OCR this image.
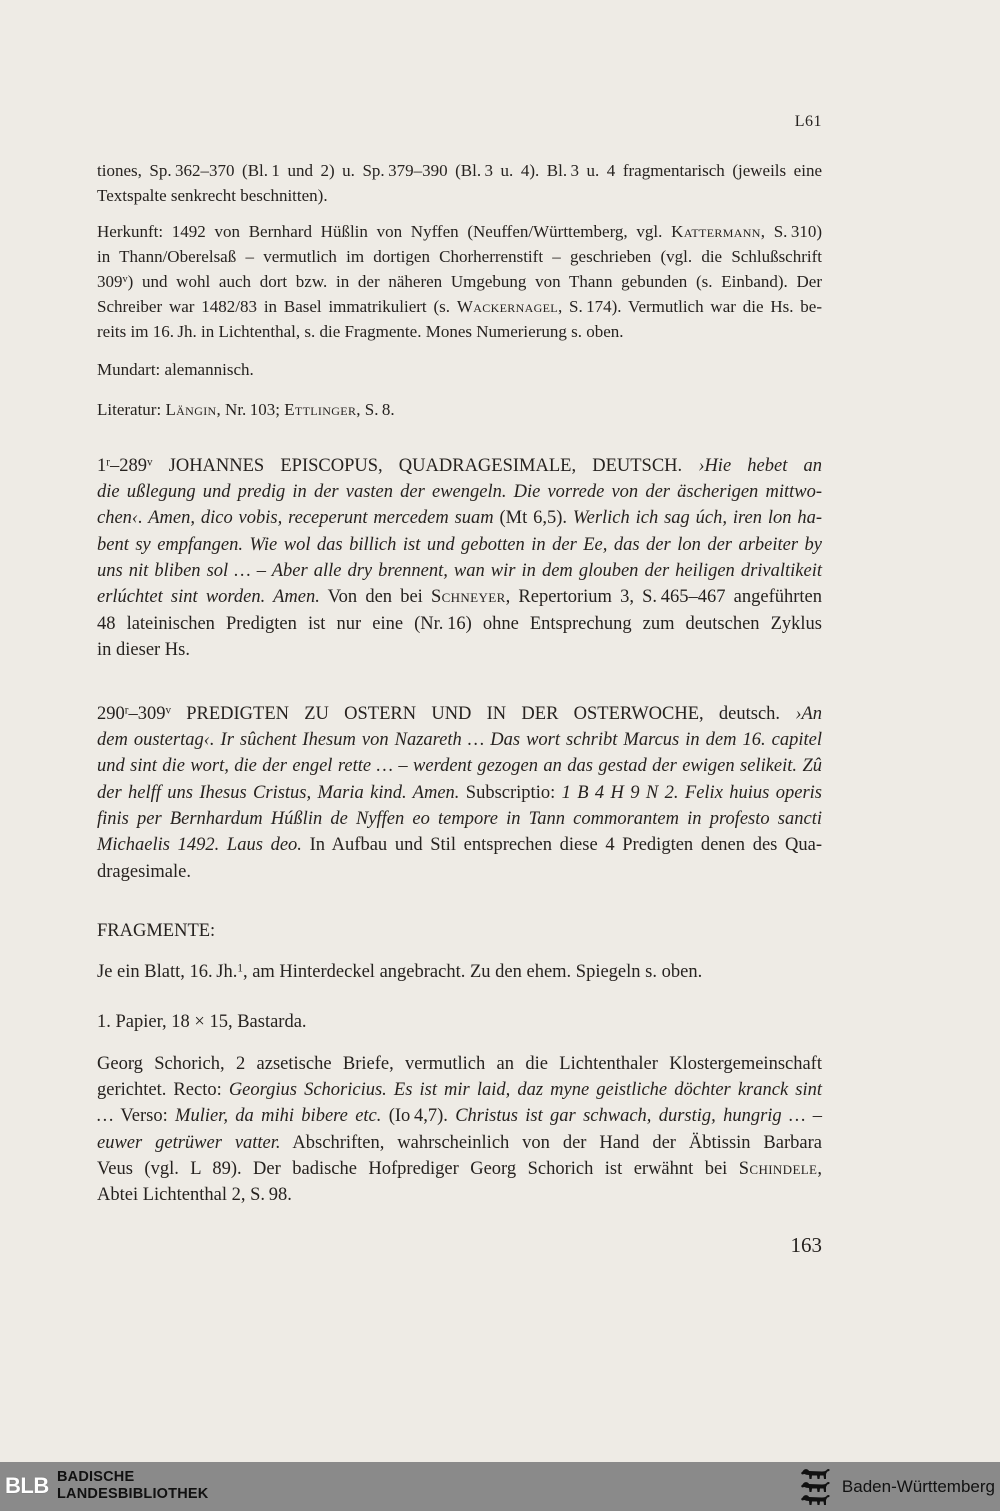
L61
tiones, Sp. 362–370 (Bl. 1 und 2) u. Sp. 379–390 (Bl. 3 u. 4). Bl. 3 u. 4 fragmentarisch (jeweils eine
Textspalte senkrecht beschnitten).
Herkunft: 1492 von Bernhard Hüßlin von Nyffen (Neuffen/Württemberg, vgl. Kattermann, S. 310)
in Thann/Oberelsaß – vermutlich im dortigen Chorherrenstift – geschrieben (vgl. die Schlußschrift
309$^v$) und wohl auch dort bzw. in der näheren Umgebung von Thann gebunden (s. Einband). Der
Schreiber war 1482/83 in Basel immatrikuliert (s. Wackernagel, S. 174). Vermutlich war die Hs. be-
reits im 16. Jh. in Lichtenthal, s. die Fragmente. Mones Numerierung s. oben.
Mundart: alemannisch.
Literatur: Längin, Nr. 103; Ettlinger, S. 8.
1$^r$–289$^v$ JOHANNES EPISCOPUS, QUADRAGESIMALE, DEUTSCH. ›Hie hebet an
die ußlegung und predig in der vasten der ewengeln. Die vorrede von der äscherigen mittwo-
chen‹. Amen, dico vobis, receperunt mercedem suam (Mt 6,5). Werlich ich sag úch, iren lon ha-
bent sy empfangen. Wie wol das billich ist und gebotten in der Ee, das der lon der arbeiter by
uns nit bliben sol … – Aber alle dry brennent, wan wir in dem glouben der heiligen drivaltikeit
erlúchtet sint worden. Amen. Von den bei Schneyer, Repertorium 3, S. 465–467 angeführten
48 lateinischen Predigten ist nur eine (Nr. 16) ohne Entsprechung zum deutschen Zyklus
in dieser Hs.
290$^r$–309$^v$ PREDIGTEN ZU OSTERN UND IN DER OSTERWOCHE, deutsch. ›An
dem oustertag‹. Ir sûchent Ihesum von Nazareth … Das wort schribt Marcus in dem 16. capitel
und sint die wort, die der engel rette … – werdent gezogen an das gestad der ewigen selikeit. Zû
der helff uns Ihesus Cristus, Maria kind. Amen. Subscriptio: 1 B 4 H 9 N 2. Felix huius operis
finis per Bernhardum Húßlin de Nyffen eo tempore in Tann commorantem in profesto sancti
Michaelis 1492. Laus deo. In Aufbau und Stil entsprechen diese 4 Predigten denen des Qua-
dragesimale.
FRAGMENTE:
Je ein Blatt, 16. Jh.$^1$, am Hinterdeckel angebracht. Zu den ehem. Spiegeln s. oben.
1. Papier, 18 × 15, Bastarda.
Georg Schorich, 2 azsetische Briefe, vermutlich an die Lichtenthaler Klostergemeinschaft
gerichtet. Recto: Georgius Schoricius. Es ist mir laid, daz myne geistliche döchter kranck sint
… Verso: Mulier, da mihi bibere etc. (Io 4,7). Christus ist gar schwach, durstig, hungrig … –
euwer getrüwer vatter. Abschriften, wahrscheinlich von der Hand der Äbtissin Barbara
Veus (vgl. L 89). Der badische Hofprediger Georg Schorich ist erwähnt bei Schindele,
Abtei Lichtenthal 2, S. 98.
163
BLB BADISCHE
LANDESBIBLIOTHEK	Baden-Württemberg
